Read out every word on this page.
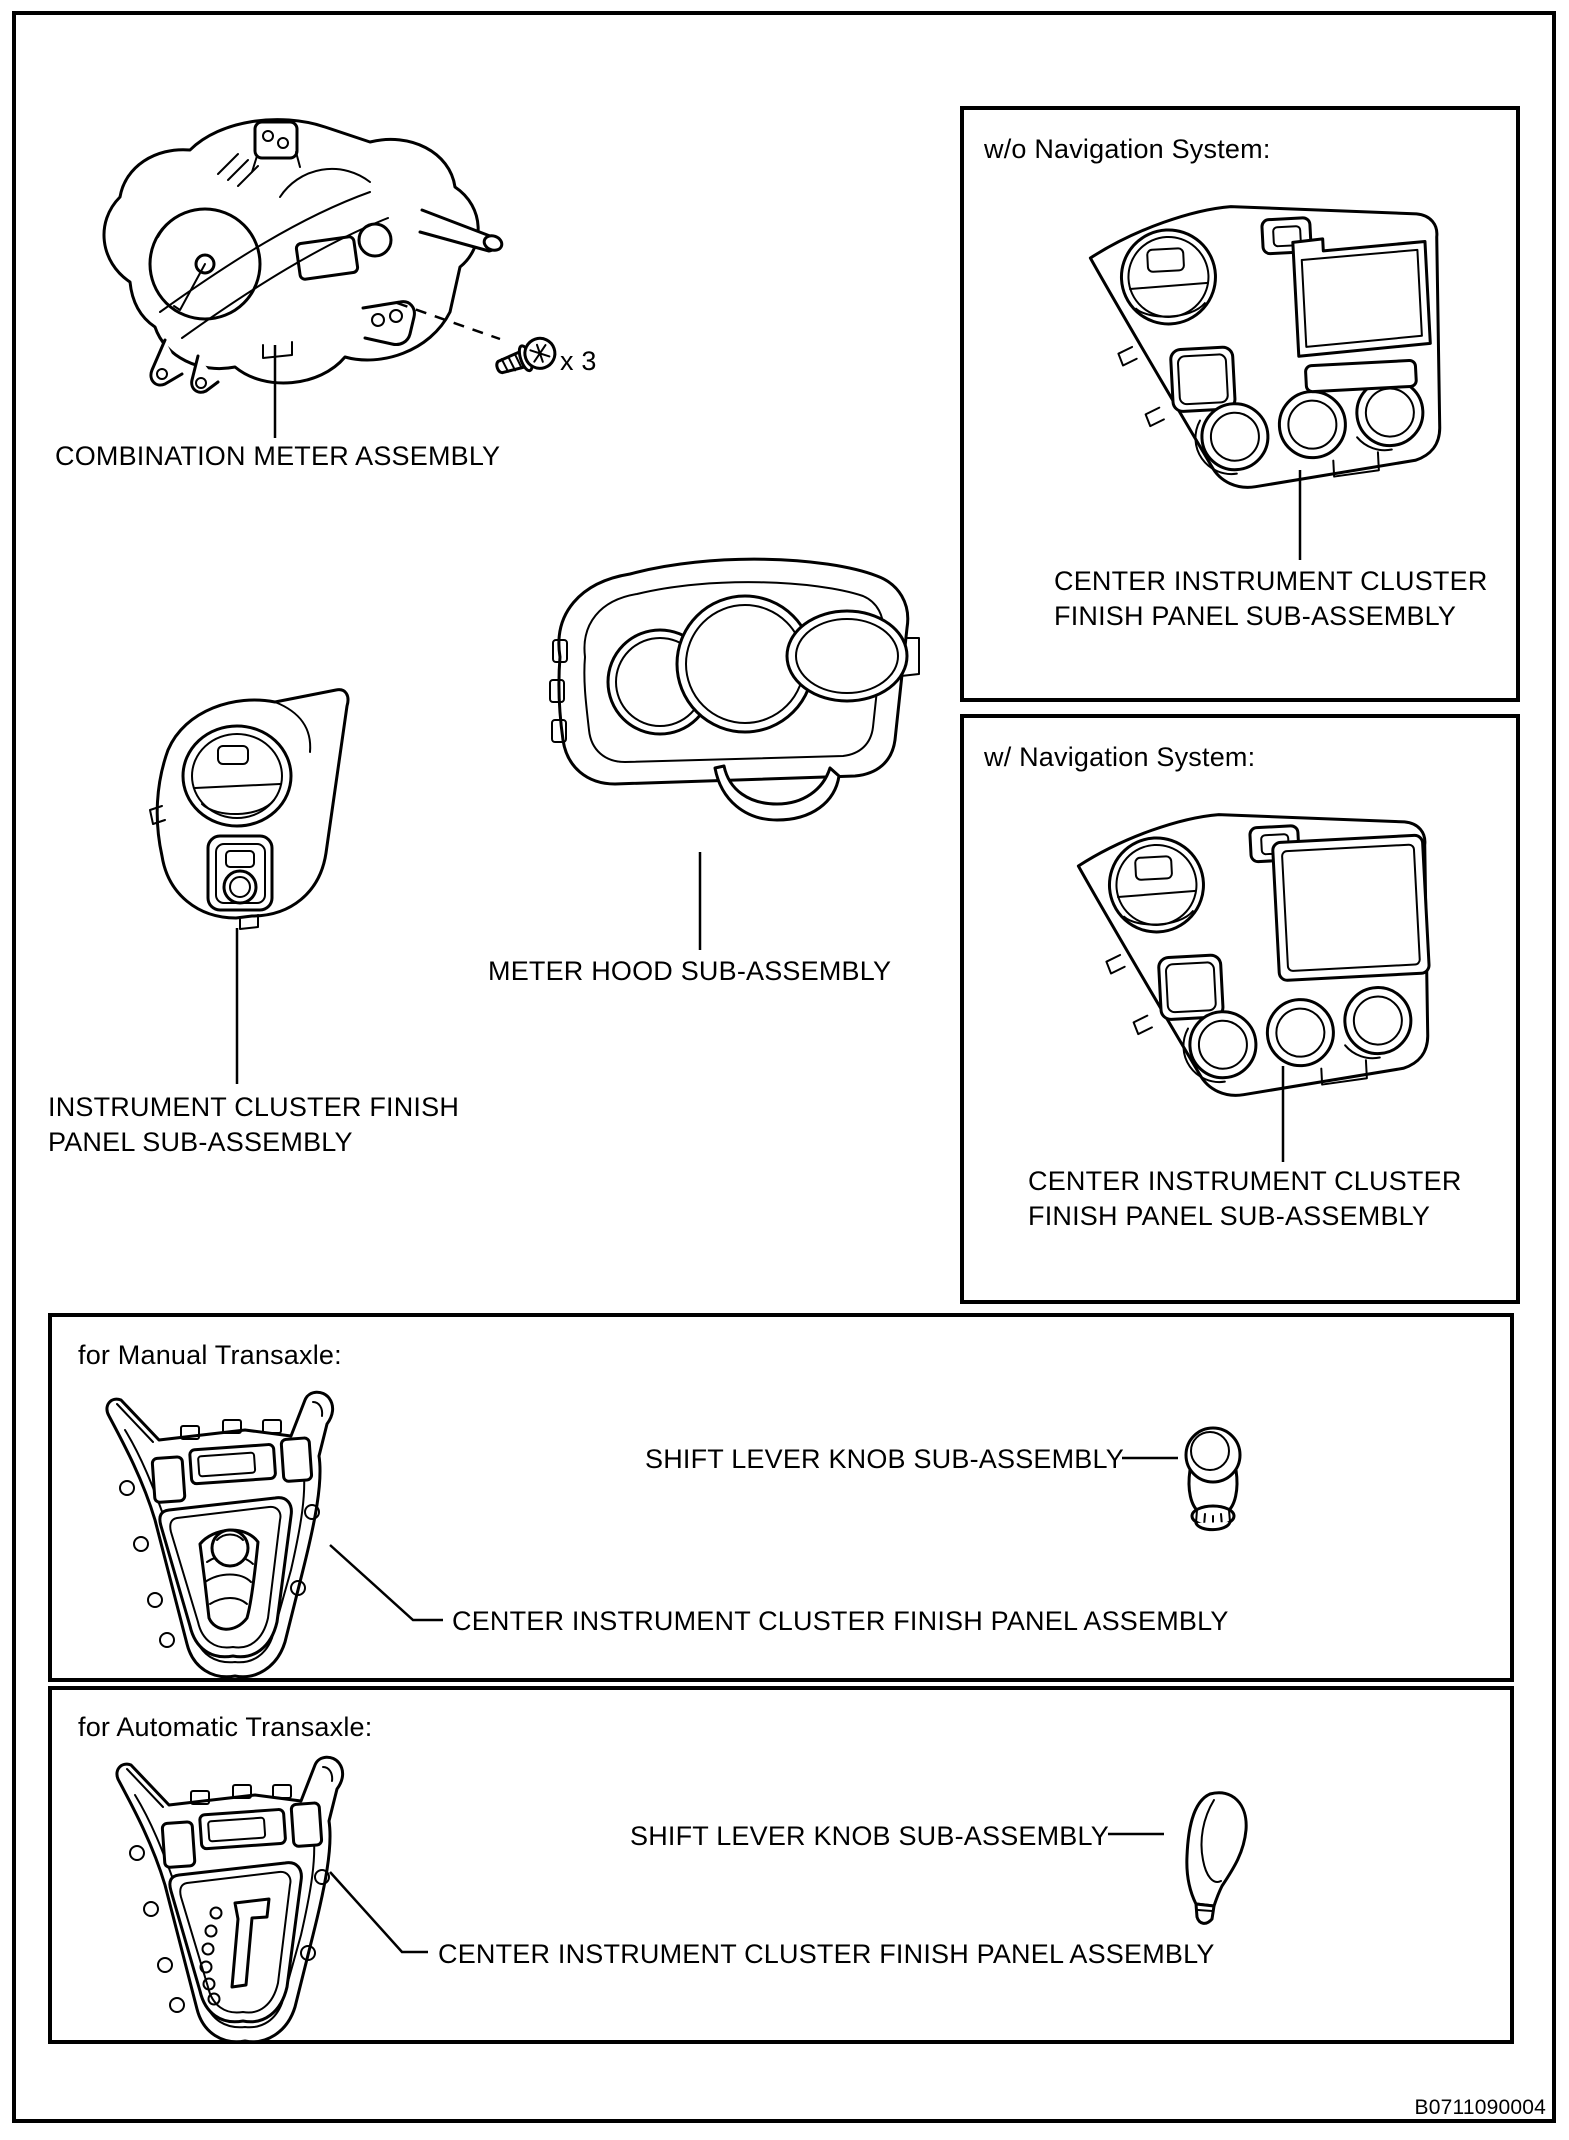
x 3
COMBINATION METER ASSEMBLY
w/o Navigation System:
CENTER INSTRUMENT CLUSTER
FINISH PANEL SUB-ASSEMBLY
w/ Navigation System:
CENTER INSTRUMENT CLUSTER
FINISH PANEL SUB-ASSEMBLY
METER HOOD SUB-ASSEMBLY
INSTRUMENT CLUSTER FINISH
PANEL SUB-ASSEMBLY
for Manual Transaxle:
SHIFT LEVER KNOB SUB-ASSEMBLY
CENTER INSTRUMENT CLUSTER FINISH PANEL ASSEMBLY
for Automatic Transaxle:
SHIFT LEVER KNOB SUB-ASSEMBLY
CENTER INSTRUMENT CLUSTER FINISH PANEL ASSEMBLY
B0711090004
